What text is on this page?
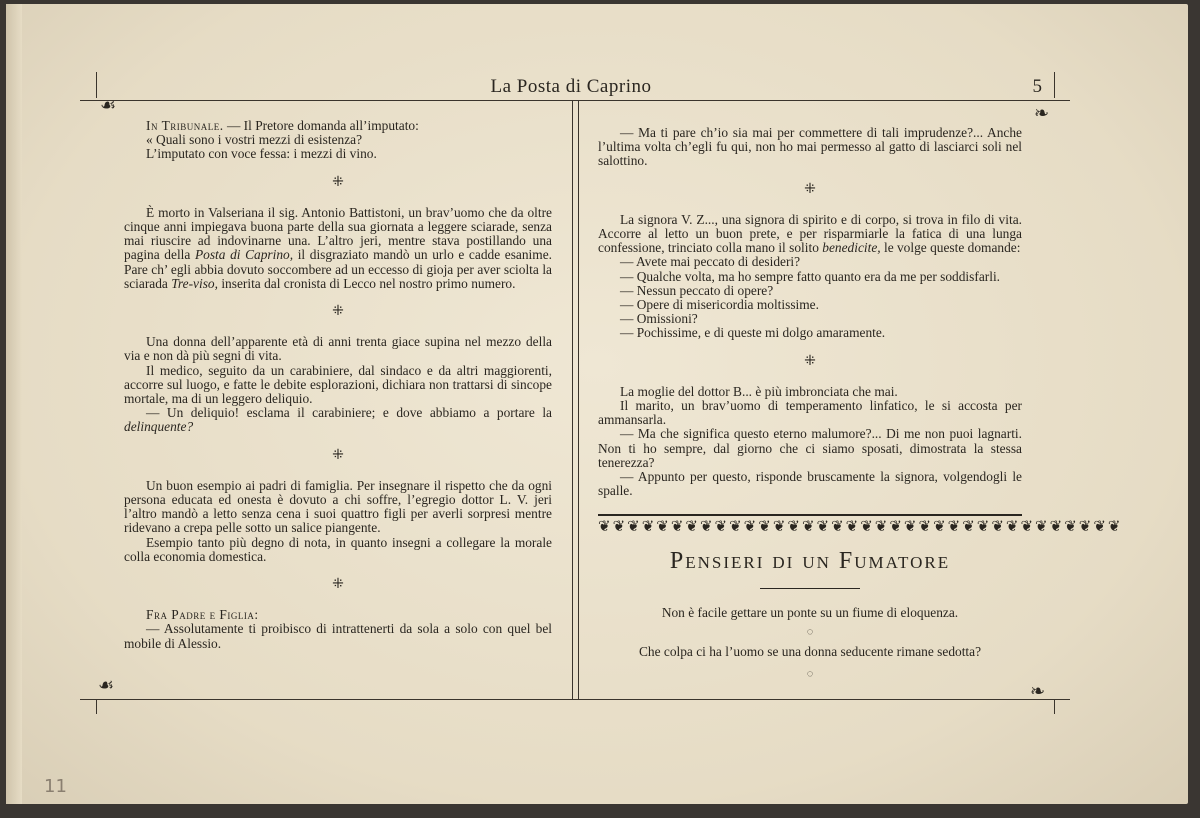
La Posta di Caprino	5
☙	❧
☙	❧

In Tribunale. — Il Pretore domanda all’imputato:

« Quali sono i vostri mezzi di esistenza?

L’imputato con voce fessa: i mezzi di vino.

⁜

È morto in Valseriana il sig. Antonio Battistoni, un brav’uomo che da oltre cinque anni impiegava buona parte della sua giornata a leggere sciarade, senza mai riuscire ad indovinarne una. L’altro jeri, mentre stava postillando una pagina della Posta di Caprino, il disgraziato mandò un urlo e cadde esanime. Pare ch’ egli abbia dovuto soccombere ad un eccesso di gioja per aver sciolta la sciarada Tre-viso, inserita dal cronista di Lecco nel nostro primo numero.

⁜

Una donna dell’apparente età di anni trenta giace supina nel mezzo della via e non dà più segni di vita.

Il medico, seguito da un carabiniere, dal sindaco e da altri maggiorenti, accorre sul luogo, e fatte le debite esplorazioni, dichiara non trattarsi di sincope mortale, ma di un leggero deliquio.

— Un deliquio! esclama il carabiniere; e dove abbiamo a portare la delinquente?

⁜

Un buon esempio ai padri di famiglia. Per insegnare il rispetto che da ogni persona educata ed onesta è dovuto a chi soffre, l’egregio dottor L. V. jeri l’altro mandò a letto senza cena i suoi quattro figli per averli sorpresi mentre ridevano a crepa pelle sotto un salice piangente.

Esempio tanto più degno di nota, in quanto insegni a collegare la morale colla economia domestica.

⁜

Fra Padre e Figlia:

— Assolutamente ti proibisco di intrattenerti da sola a solo con quel bel mobile di Alessio.

— Ma ti pare ch’io sia mai per commettere di tali imprudenze?... Anche l’ultima volta ch’egli fu qui, non ho mai permesso al gatto di lasciarci soli nel salottino.

⁜

La signora V. Z..., una signora di spirito e di corpo, si trova in filo di vita. Accorre al letto un buon prete, e per risparmiarle la fatica di una lunga confessione, trinciato colla mano il solito benedicite, le volge queste domande:

— Avete mai peccato di desideri?

— Qualche volta, ma ho sempre fatto quanto era da me per soddisfarli.

— Nessun peccato di opere?

— Opere di misericordia moltissime.

— Omissioni?

— Pochissime, e di queste mi dolgo amaramente.

⁜

La moglie del dottor B... è più imbronciata che mai.

Il marito, un brav’uomo di temperamento linfatico, le si accosta per ammansarla.

— Ma che significa questo eterno malumore?... Di me non puoi lagnarti. Non ti ho sempre, dal giorno che ci siamo sposati, dimostrata la stessa tenerezza?

— Appunto per questo, risponde bruscamente la signora, volgendogli le spalle.

❦❦❦❦❦❦❦❦❦❦❦❦❦❦❦❦❦❦❦❦❦❦❦❦❦❦❦❦❦❦❦❦❦❦❦❦
Pensieri di un Fumatore
Non è facile gettare un ponte su un fiume di eloquenza.
◌
Che colpa ci ha l’uomo se una donna seducente rimane sedotta?
◌
11
